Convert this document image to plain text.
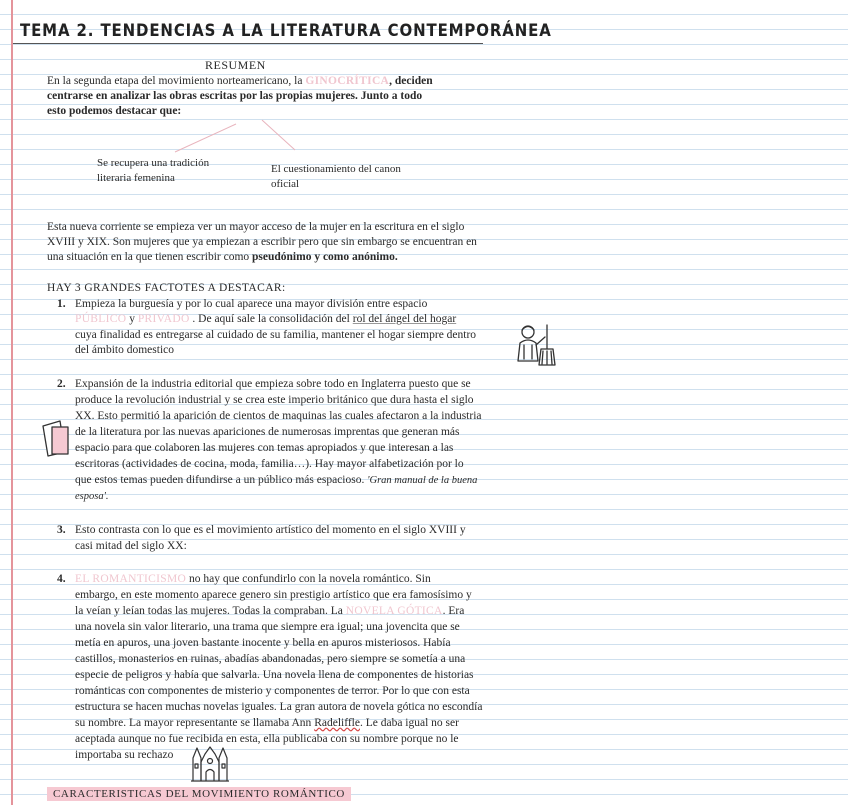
TEMA 2. TENDENCIAS A LA LITERATURA CONTEMPORÁNEA
RESUMEN

En la segunda etapa del movimiento norteamericano, la GINOCRÍTICA, deciden

centrarse en analizar las obras escritas por las propias mujeres. Junto a todo

esto podemos destacar que:

Se recupera una tradición

literaria femenina

El cuestionamiento del canon

oficial

Esta nueva corriente se empieza ver un mayor acceso de la mujer en la escritura en el siglo

XVIII y XIX. Son mujeres que ya empiezan a escribir pero que sin embargo se encuentran en

una situación en la que tienen escribir como pseudónimo y como anónimo.

HAY 3 GRANDES FACTOTES A DESTACAR:

1. Empieza la burguesía y por lo cual aparece una mayor división entre espacio

PÚBLICO y PRIVADO . De aquí sale la consolidación del rol del ángel del hogar

cuya finalidad es entregarse al cuidado de su familia, mantener el hogar siempre dentro

del ámbito domestico

2. Expansión de la industria editorial que empieza sobre todo en Inglaterra puesto que se

produce la revolución industrial y se crea este imperio británico que dura hasta el siglo

XX. Esto permitió la aparición de cientos de maquinas las cuales afectaron a la industria

de la literatura por las nuevas apariciones de numerosas imprentas que generan más

espacio para que colaboren las mujeres con temas apropiados y que interesan a las

escritoras (actividades de cocina, moda, familia…). Hay mayor alfabetización por lo

que estos temas pueden difundirse a un público más espacioso. 'Gran manual de la buena

esposa'.

3. Esto contrasta con lo que es el movimiento artístico del momento en el siglo XVIII y

casi mitad del siglo XX:

4. EL ROMANTICISMO no hay que confundirlo con la novela romántico. Sin

embargo, en este momento aparece genero sin prestigio artístico que era famosísimo y

la veían y leían todas las mujeres. Todas la compraban. La NOVELA GÓTICA. Era

una novela sin valor literario, una trama que siempre era igual; una jovencita que se

metía en apuros, una joven bastante inocente y bella en apuros misteriosos. Había

castillos, monasterios en ruinas, abadías abandonadas, pero siempre se sometía a una

especie de peligros y había que salvarla. Una novela llena de componentes de historias

románticas con componentes de misterio y componentes de terror. Por lo que con esta

estructura se hacen muchas novelas iguales. La gran autora de novela gótica no escondía

su nombre. La mayor representante se llamaba Ann Radeliffle. Le daba igual no ser

aceptada aunque no fue recibida en esta, ella publicaba con su nombre porque no le

importaba su rechazo

CARACTERISTICAS DEL MOVIMIENTO ROMÁNTICO
